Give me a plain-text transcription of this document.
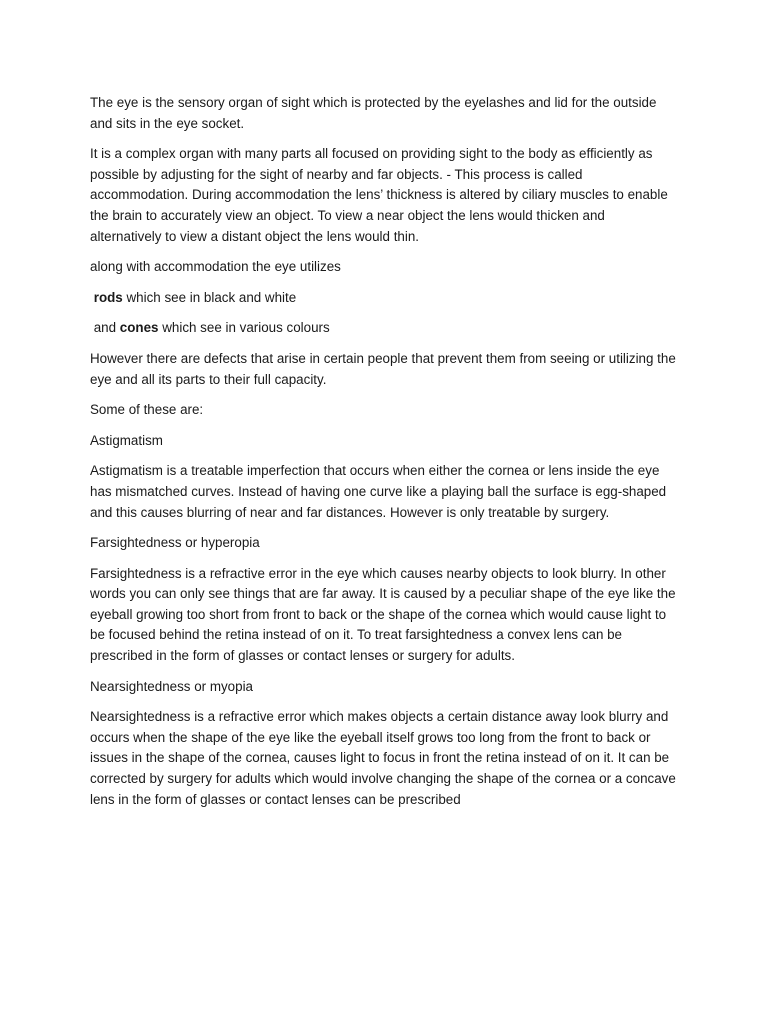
The eye is the sensory organ of sight which is protected by the eyelashes and lid for the outside and sits in the eye socket.

It is a complex organ with many parts all focused on providing sight to the body as efficiently as possible by adjusting for the sight of nearby and far objects. - This process is called accommodation. During accommodation the lens’ thickness is altered by ciliary muscles to enable the brain to accurately view an object. To view a near object the lens would thicken and alternatively to view a distant object the lens would thin.

along with accommodation the eye utilizes

rods which see in black and white

and cones which see in various colours

However there are defects that arise in certain people that prevent them from seeing or utilizing the eye and all its parts to their full capacity.

Some of these are:

Astigmatism

Astigmatism is a treatable imperfection that occurs when either the cornea or lens inside the eye has mismatched curves. Instead of having one curve like a playing ball the surface is egg-shaped and this causes blurring of near and far distances. However is only treatable by surgery.

Farsightedness or hyperopia

Farsightedness is a refractive error in the eye which causes nearby objects to look blurry. In other words you can only see things that are far away. It is caused by a peculiar shape of the eye like the eyeball growing too short from front to back or the shape of the cornea which would cause light to be focused behind the retina instead of on it. To treat farsightedness a convex lens can be prescribed in the form of glasses or contact lenses or surgery for adults.

Nearsightedness or myopia

Nearsightedness is a refractive error which makes objects a certain distance away look blurry and occurs when the shape of the eye like the eyeball itself grows too long from the front to back or issues in the shape of the cornea, causes light to focus in front the retina instead of on it. It can be corrected by surgery for adults which would involve changing the shape of the cornea or a concave lens in the form of glasses or contact lenses can be prescribed
